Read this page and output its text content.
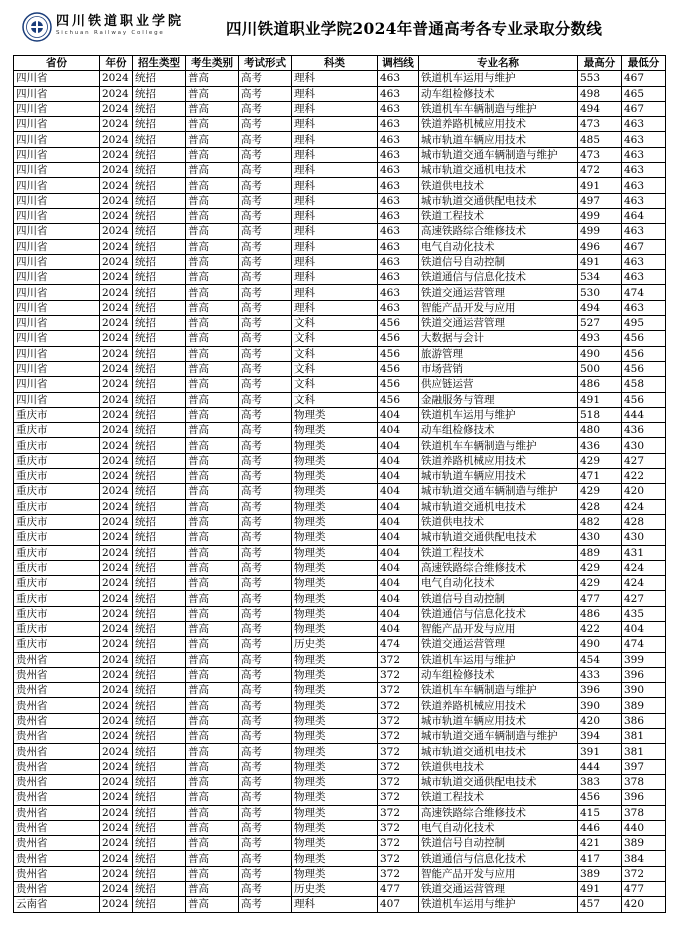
四川铁道职业学院
Sichuan Railway College	四川铁道职业学院2024年普通高考各专业录取分数线
省份	年份	招生类型	考生类别	考试形式	科类	调档线	专业名称	最高分	最低分
四川省	2024	统招	普高	高考	理科	463	铁道机车运用与维护	553	467
四川省	2024	统招	普高	高考	理科	463	动车组检修技术	498	465
四川省	2024	统招	普高	高考	理科	463	铁道机车车辆制造与维护	494	467
四川省	2024	统招	普高	高考	理科	463	铁道养路机械应用技术	473	463
四川省	2024	统招	普高	高考	理科	463	城市轨道车辆应用技术	485	463
四川省	2024	统招	普高	高考	理科	463	城市轨道交通车辆制造与维护	473	463
四川省	2024	统招	普高	高考	理科	463	城市轨道交通机电技术	472	463
四川省	2024	统招	普高	高考	理科	463	铁道供电技术	491	463
四川省	2024	统招	普高	高考	理科	463	城市轨道交通供配电技术	497	463
四川省	2024	统招	普高	高考	理科	463	铁道工程技术	499	464
四川省	2024	统招	普高	高考	理科	463	高速铁路综合维修技术	499	463
四川省	2024	统招	普高	高考	理科	463	电气自动化技术	496	467
四川省	2024	统招	普高	高考	理科	463	铁道信号自动控制	491	463
四川省	2024	统招	普高	高考	理科	463	铁道通信与信息化技术	534	463
四川省	2024	统招	普高	高考	理科	463	铁道交通运营管理	530	474
四川省	2024	统招	普高	高考	理科	463	智能产品开发与应用	494	463
四川省	2024	统招	普高	高考	文科	456	铁道交通运营管理	527	495
四川省	2024	统招	普高	高考	文科	456	大数据与会计	493	456
四川省	2024	统招	普高	高考	文科	456	旅游管理	490	456
四川省	2024	统招	普高	高考	文科	456	市场营销	500	456
四川省	2024	统招	普高	高考	文科	456	供应链运营	486	458
四川省	2024	统招	普高	高考	文科	456	金融服务与管理	491	456
重庆市	2024	统招	普高	高考	物理类	404	铁道机车运用与维护	518	444
重庆市	2024	统招	普高	高考	物理类	404	动车组检修技术	480	436
重庆市	2024	统招	普高	高考	物理类	404	铁道机车车辆制造与维护	436	430
重庆市	2024	统招	普高	高考	物理类	404	铁道养路机械应用技术	429	427
重庆市	2024	统招	普高	高考	物理类	404	城市轨道车辆应用技术	471	422
重庆市	2024	统招	普高	高考	物理类	404	城市轨道交通车辆制造与维护	429	420
重庆市	2024	统招	普高	高考	物理类	404	城市轨道交通机电技术	428	424
重庆市	2024	统招	普高	高考	物理类	404	铁道供电技术	482	428
重庆市	2024	统招	普高	高考	物理类	404	城市轨道交通供配电技术	430	430
重庆市	2024	统招	普高	高考	物理类	404	铁道工程技术	489	431
重庆市	2024	统招	普高	高考	物理类	404	高速铁路综合维修技术	429	424
重庆市	2024	统招	普高	高考	物理类	404	电气自动化技术	429	424
重庆市	2024	统招	普高	高考	物理类	404	铁道信号自动控制	477	427
重庆市	2024	统招	普高	高考	物理类	404	铁道通信与信息化技术	486	435
重庆市	2024	统招	普高	高考	物理类	404	智能产品开发与应用	422	404
重庆市	2024	统招	普高	高考	历史类	474	铁道交通运营管理	490	474
贵州省	2024	统招	普高	高考	物理类	372	铁道机车运用与维护	454	399
贵州省	2024	统招	普高	高考	物理类	372	动车组检修技术	433	396
贵州省	2024	统招	普高	高考	物理类	372	铁道机车车辆制造与维护	396	390
贵州省	2024	统招	普高	高考	物理类	372	铁道养路机械应用技术	390	389
贵州省	2024	统招	普高	高考	物理类	372	城市轨道车辆应用技术	420	386
贵州省	2024	统招	普高	高考	物理类	372	城市轨道交通车辆制造与维护	394	381
贵州省	2024	统招	普高	高考	物理类	372	城市轨道交通机电技术	391	381
贵州省	2024	统招	普高	高考	物理类	372	铁道供电技术	444	397
贵州省	2024	统招	普高	高考	物理类	372	城市轨道交通供配电技术	383	378
贵州省	2024	统招	普高	高考	物理类	372	铁道工程技术	456	396
贵州省	2024	统招	普高	高考	物理类	372	高速铁路综合维修技术	415	378
贵州省	2024	统招	普高	高考	物理类	372	电气自动化技术	446	440
贵州省	2024	统招	普高	高考	物理类	372	铁道信号自动控制	421	389
贵州省	2024	统招	普高	高考	物理类	372	铁道通信与信息化技术	417	384
贵州省	2024	统招	普高	高考	物理类	372	智能产品开发与应用	389	372
贵州省	2024	统招	普高	高考	历史类	477	铁道交通运营管理	491	477
云南省	2024	统招	普高	高考	理科	407	铁道机车运用与维护	457	420
